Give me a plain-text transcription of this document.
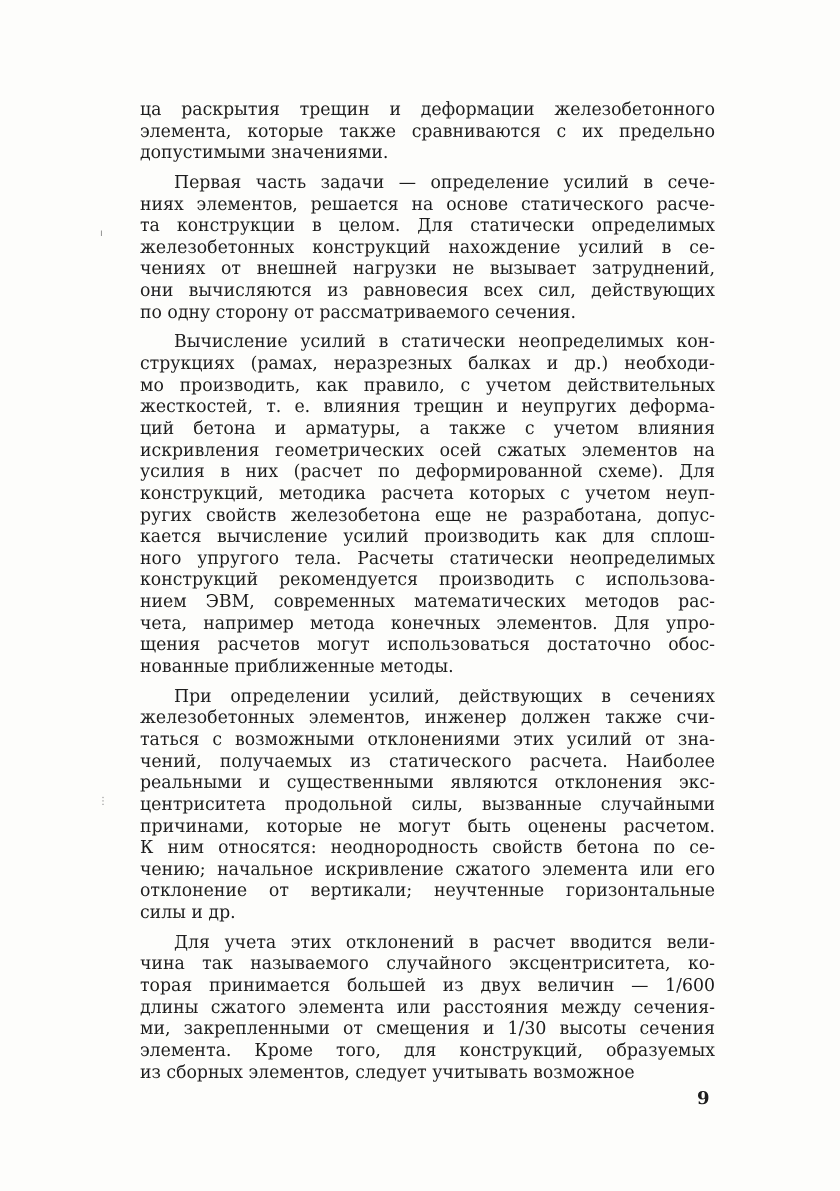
ı
⋮
ца раскрытия трещин и деформации железобетонного
элемента, которые также сравниваются с их предельно
допустимыми значениями.
Первая часть задачи — определение усилий в сече-
ниях элементов, решается на основе статического расче-
та конструкции в целом. Для статически определимых
железобетонных конструкций нахождение усилий в се-
чениях от внешней нагрузки не вызывает затруднений,
они вычисляются из равновесия всех сил, действующих
по одну сторону от рассматриваемого сечения.
Вычисление усилий в статически неопределимых кон-
струкциях (рамах, неразрезных балках и др.) необходи-
мо производить, как правило, с учетом действительных
жесткостей, т. е. влияния трещин и неупругих деформа-
ций бетона и арматуры, а также с учетом влияния
искривления геометрических осей сжатых элементов на
усилия в них (расчет по деформированной схеме). Для
конструкций, методика расчета которых с учетом неуп-
ругих свойств железобетона еще не разработана, допус-
кается вычисление усилий производить как для сплош-
ного упругого тела. Расчеты статически неопределимых
конструкций рекомендуется производить с использова-
нием ЭВМ, современных математических методов рас-
чета, например метода конечных элементов. Для упро-
щения расчетов могут использоваться достаточно обос-
нованные приближенные методы.
При определении усилий, действующих в сечениях
железобетонных элементов, инженер должен также счи-
таться с возможными отклонениями этих усилий от зна-
чений, получаемых из статического расчета. Наиболее
реальными и существенными являются отклонения экс-
центриситета продольной силы, вызванные случайными
причинами, которые не могут быть оценены расчетом.
К ним относятся: неоднородность свойств бетона по се-
чению; начальное искривление сжатого элемента или его
отклонение от вертикали; неучтенные горизонтальные
силы и др.
Для учета этих отклонений в расчет вводится вели-
чина так называемого случайного эксцентриситета, ко-
торая принимается большей из двух величин — 1/600
длины сжатого элемента или расстояния между сечения-
ми, закрепленными от смещения и 1/30 высоты сечения
элемента. Кроме того, для конструкций, образуемых
из сборных элементов, следует учитывать возможное
9
